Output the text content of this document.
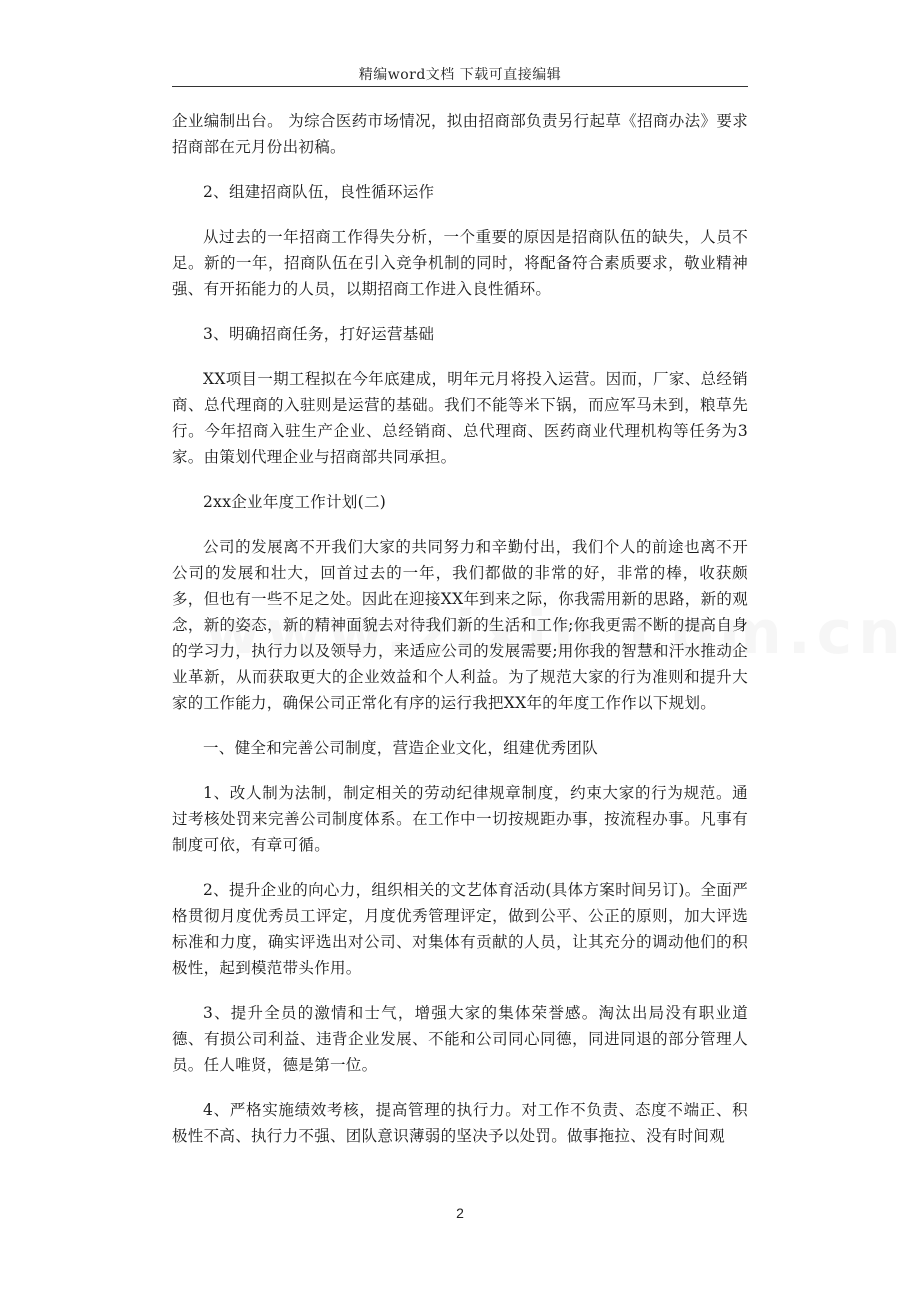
精编word文档 下载可直接编辑

企业编制出台。 为综合医药市场情况，拟由招商部负责另行起草《招商办法》要求招商部在元月份出初稿。

2、组建招商队伍，良性循环运作

从过去的一年招商工作得失分析，一个重要的原因是招商队伍的缺失，人员不足。新的一年，招商队伍在引入竞争机制的同时，将配备符合素质要求，敬业精神强、有开拓能力的人员，以期招商工作进入良性循环。

3、明确招商任务，打好运营基础

XX项目一期工程拟在今年底建成，明年元月将投入运营。因而，厂家、总经销商、总代理商的入驻则是运营的基础。我们不能等米下锅，而应军马未到，粮草先行。今年招商入驻生产企业、总经销商、总代理商、医药商业代理机构等任务为3家。由策划代理企业与招商部共同承担。

2xx企业年度工作计划(二)

公司的发展离不开我们大家的共同努力和辛勤付出，我们个人的前途也离不开公司的发展和壮大，回首过去的一年，我们都做的非常的好，非常的棒，收获颇多，但也有一些不足之处。因此在迎接XX年到来之际，你我需用新的思路，新的观念，新的姿态，新的精神面貌去对待我们新的生活和工作;你我更需不断的提高自身的学习力，执行力以及领导力，来适应公司的发展需要;用你我的智慧和汗水推动企业革新，从而获取更大的企业效益和个人利益。为了规范大家的行为准则和提升大家的工作能力，确保公司正常化有序的运行我把XX年的年度工作作以下规划。

一、健全和完善公司制度，营造企业文化，组建优秀团队

1、改人制为法制，制定相关的劳动纪律规章制度，约束大家的行为规范。通过考核处罚来完善公司制度体系。在工作中一切按规距办事，按流程办事。凡事有制度可依，有章可循。

2、提升企业的向心力，组织相关的文艺体育活动(具体方案时间另订)。全面严格贯彻月度优秀员工评定，月度优秀管理评定，做到公平、公正的原则，加大评选标准和力度，确实评选出对公司、对集体有贡献的人员，让其充分的调动他们的积极性，起到模范带头作用。

3、提升全员的激情和士气，增强大家的集体荣誉感。淘汰出局没有职业道德、有损公司利益、违背企业发展、不能和公司同心同德，同进同退的部分管理人员。任人唯贤，德是第一位。

4、严格实施绩效考核，提高管理的执行力。对工作不负责、态度不端正、积极性不高、执行力不强、团队意识薄弱的坚决予以处罚。做事拖拉、没有时间观

2
